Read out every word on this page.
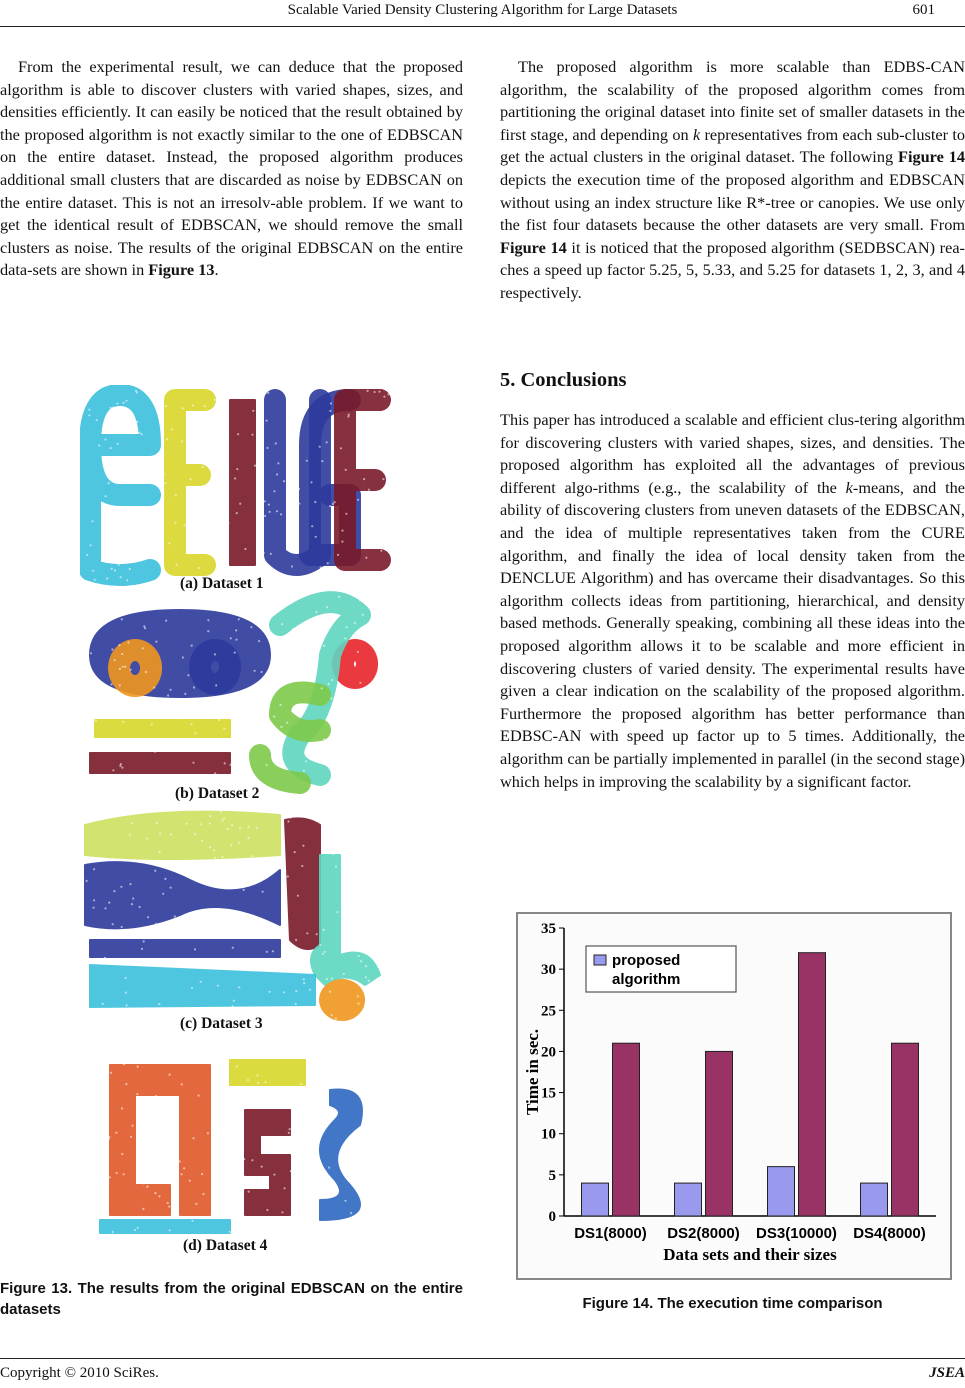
Scalable Varied Density Clustering Algorithm for Large Datasets	601

From the experimental result, we can deduce that the proposed algorithm is able to discover clusters with varied shapes, sizes, and densities efficiently. It can easily be noticed that the result obtained by the proposed algorithm is not exactly similar to the one of EDBSCAN on the entire dataset. Instead, the proposed algorithm produces additional small clusters that are discarded as noise by EDBSCAN on the entire dataset. This is not an irresolv-able problem. If we want to get the identical result of EDBSCAN, we should remove the small clusters as noise. The results of the original EDBSCAN on the entire data-sets are shown in Figure 13.

The proposed algorithm is more scalable than EDBS-CAN algorithm, the scalability of the proposed algorithm comes from partitioning the original dataset into finite set of smaller datasets in the first stage, and depending on k representatives from each sub-cluster to get the actual clusters in the original dataset. The following Figure 14 depicts the execution time of the proposed algorithm and EDBSCAN without using an index structure like R*-tree or canopies. We use only the fist four datasets because the other datasets are very small. From Figure 14 it is noticed that the proposed algorithm (SEDBSCAN) rea-ches a speed up factor 5.25, 5, 5.33, and 5.25 for datasets 1, 2, 3, and 4 respectively.

5. Conclusions
This paper has introduced a scalable and efficient clus-tering algorithm for discovering clusters with varied shapes, sizes, and densities. The proposed algorithm has exploited all the advantages of previous different algo-rithms (e.g., the scalability of the k-means, and the ability of discovering clusters from uneven datasets of the EDBSCAN, and the idea of multiple representatives taken from the CURE algorithm, and finally the idea of local density taken from the DENCLUE Algorithm) and has overcame their disadvantages. So this algorithm collects ideas from partitioning, hierarchical, and density based methods. Generally speaking, combining all these ideas into the proposed algorithm allows it to be scalable and more efficient in discovering clusters of varied density. The experimental results have given a clear indication on the scalability of the proposed algorithm. Furthermore the proposed algorithm has better performance than EDBSC-AN with speed up factor up to 5 times. Additionally, the algorithm can be partially implemented in parallel (in the second stage) which helps in improving the scalability by a significant factor.
(a) Dataset 1
(b) Dataset 2
(c) Dataset 3
(d) Dataset 4
Figure 13. The results from the original EDBSCAN on the entire datasets
0
5
10
15
20
25
30
35
Time in sec.
DS1(8000) DS2(8000) DS3(10000) DS4(8000)
Data sets and their sizes
proposed
algorithm
Figure 14. The execution time comparison
Copyright © 2010 SciRes.	JSEA
